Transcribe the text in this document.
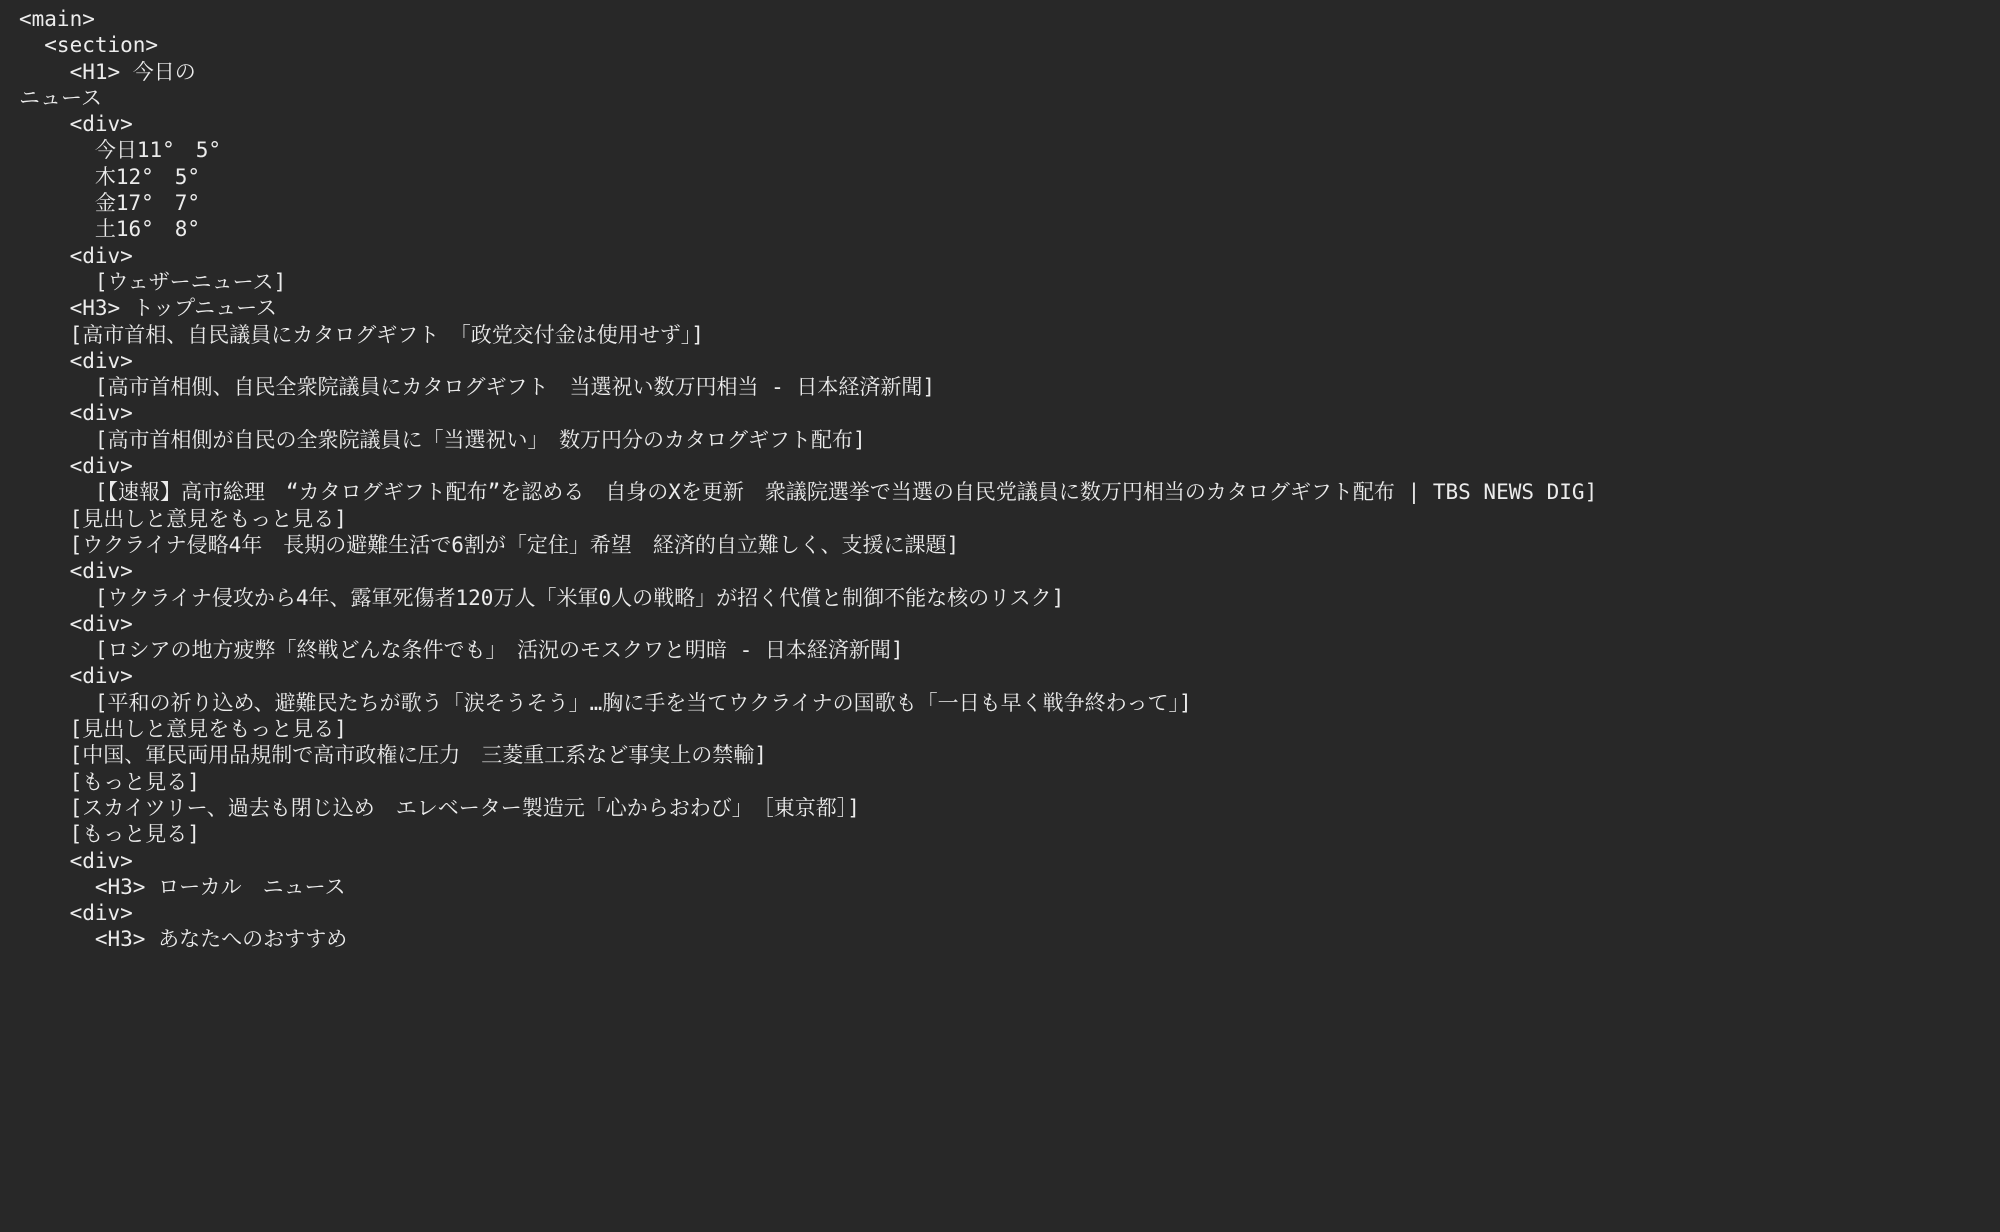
<main>
<section>
<H1> 今日の
ニュース
<div>
今日11°　5°
木12°　5°
金17°　7°
土16°　8°
<div>
[ウェザーニュース]
<H3> トップニュース
[高市首相、自民議員にカタログギフト　「政党交付金は使用せず」]
<div>
[高市首相側、自民全衆院議員にカタログギフト　当選祝い数万円相当 - 日本経済新聞]
<div>
[高市首相側が自民の全衆院議員に「当選祝い」　数万円分のカタログギフト配布]
<div>
[【速報】高市総理　“カタログギフト配布”を認める　自身のXを更新　衆議院選挙で当選の自民党議員に数万円相当のカタログギフト配布 | TBS NEWS DIG]
[見出しと意見をもっと見る]
[ウクライナ侵略4年　長期の避難生活で6割が「定住」希望　経済的自立難しく、支援に課題]
<div>
[ウクライナ侵攻から4年、露軍死傷者120万人「米軍0人の戦略」が招く代償と制御不能な核のリスク]
<div>
[ロシアの地方疲弊「終戦どんな条件でも」　活況のモスクワと明暗 - 日本経済新聞]
<div>
[平和の祈り込め、避難民たちが歌う「涙そうそう」…胸に手を当てウクライナの国歌も「一日も早く戦争終わって」]
[見出しと意見をもっと見る]
[中国、軍民両用品規制で高市政権に圧力　三菱重工系など事実上の禁輸]
[もっと見る]
[スカイツリー、過去も閉じ込め　エレベーター製造元「心からおわび」　［東京都］]
[もっと見る]
<div>
<H3> ローカル　ニュース
<div>
<H3> あなたへのおすすめ
